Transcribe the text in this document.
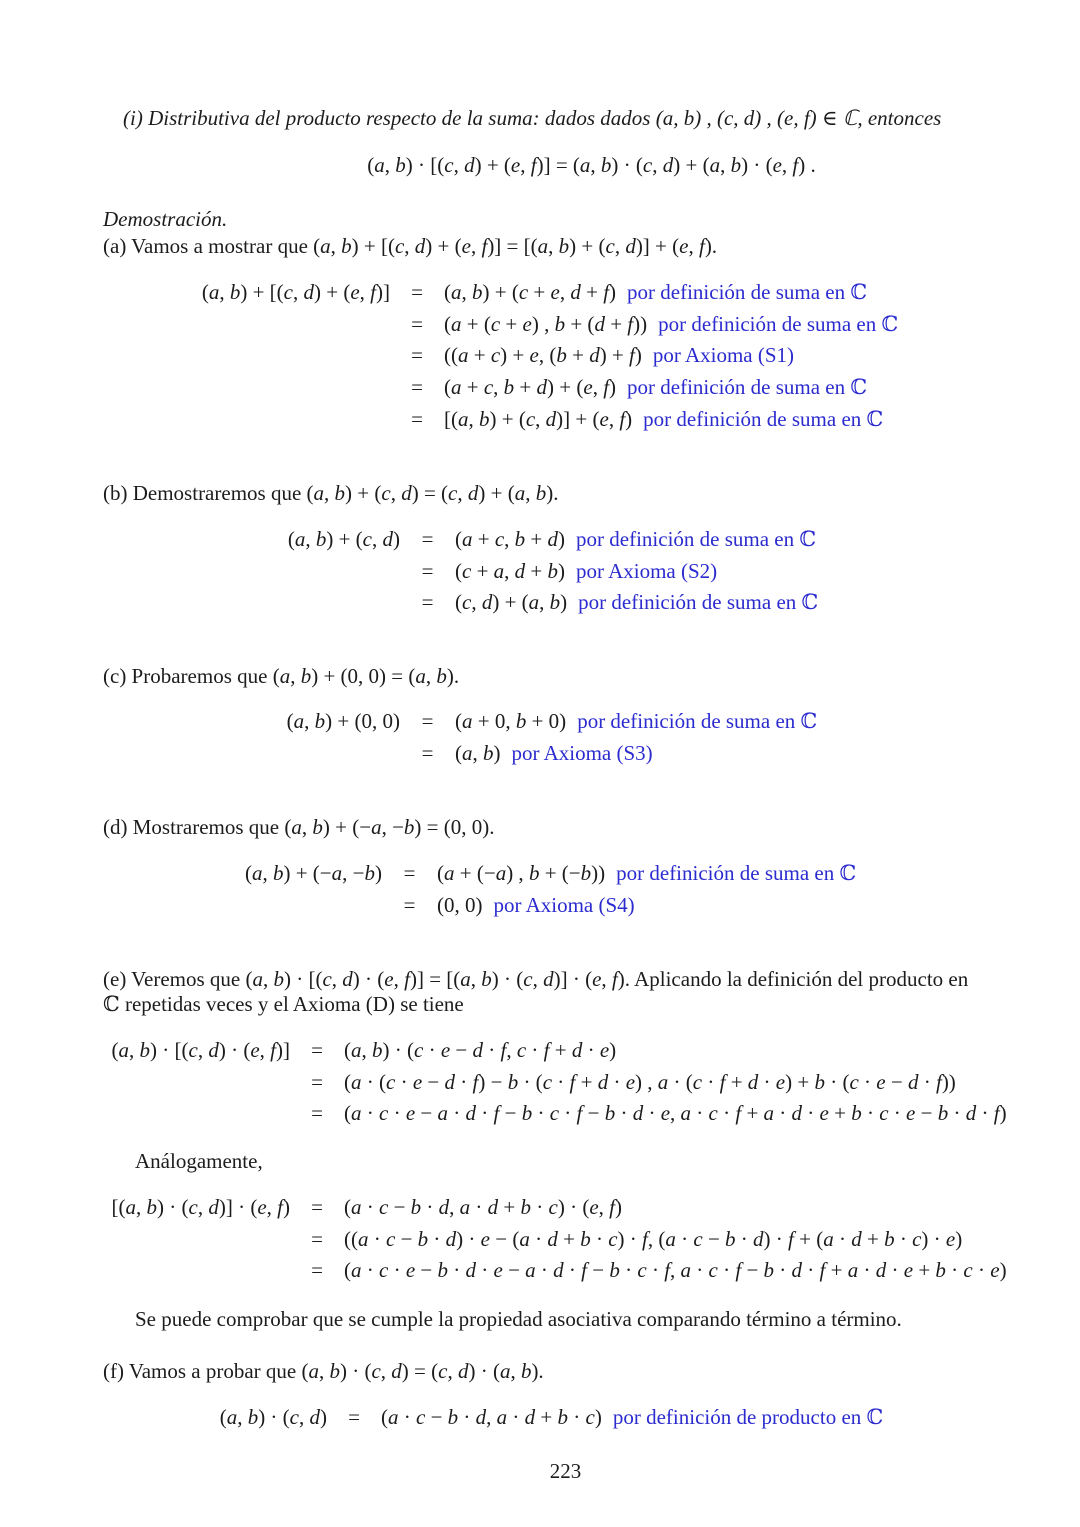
(i) Distributiva del producto respecto de la suma: dados dados (a, b) , (c, d) , (e, f) ∈ ℂ, entonces
(a, b) · [(c, d) + (e, f)] = (a, b) · (c, d) + (a, b) · (e, f) .
Demostración.
(a) Vamos a mostrar que (a, b) + [(c, d) + (e, f)] = [(a, b) + (c, d)] + (e, f).
(a, b) + [(c, d) + (e, f)]	=	(a, b) + (c + e, d + f) por definición de suma en ℂ
=	(a + (c + e) , b + (d + f)) por definición de suma en ℂ
=	((a + c) + e, (b + d) + f) por Axioma (S1)
=	(a + c, b + d) + (e, f) por definición de suma en ℂ
=	[(a, b) + (c, d)] + (e, f) por definición de suma en ℂ
(b) Demostraremos que (a, b) + (c, d) = (c, d) + (a, b).
(a, b) + (c, d)	=	(a + c, b + d) por definición de suma en ℂ
=	(c + a, d + b) por Axioma (S2)
=	(c, d) + (a, b) por definición de suma en ℂ
(c) Probaremos que (a, b) + (0, 0) = (a, b).
(a, b) + (0, 0)	=	(a + 0, b + 0) por definición de suma en ℂ
=	(a, b) por Axioma (S3)
(d) Mostraremos que (a, b) + (−a, −b) = (0, 0).
(a, b) + (−a, −b)	=	(a + (−a) , b + (−b)) por definición de suma en ℂ
=	(0, 0) por Axioma (S4)
(e) Veremos que (a, b) · [(c, d) · (e, f)] = [(a, b) · (c, d)] · (e, f). Aplicando la definición del producto en
ℂ repetidas veces y el Axioma (D) se tiene
(a, b) · [(c, d) · (e, f)]	=	(a, b) · (c · e − d · f, c · f + d · e)
=	(a · (c · e − d · f) − b · (c · f + d · e) , a · (c · f + d · e) + b · (c · e − d · f))
=	(a · c · e − a · d · f − b · c · f − b · d · e, a · c · f + a · d · e + b · c · e − b · d · f)
Análogamente,
[(a, b) · (c, d)] · (e, f)	=	(a · c − b · d, a · d + b · c) · (e, f)
=	((a · c − b · d) · e − (a · d + b · c) · f, (a · c − b · d) · f + (a · d + b · c) · e)
=	(a · c · e − b · d · e − a · d · f − b · c · f, a · c · f − b · d · f + a · d · e + b · c · e)
Se puede comprobar que se cumple la propiedad asociativa comparando término a término.
(f) Vamos a probar que (a, b) · (c, d) = (c, d) · (a, b).
(a, b) · (c, d)	=	(a · c − b · d, a · d + b · c) por definición de producto en ℂ
223
